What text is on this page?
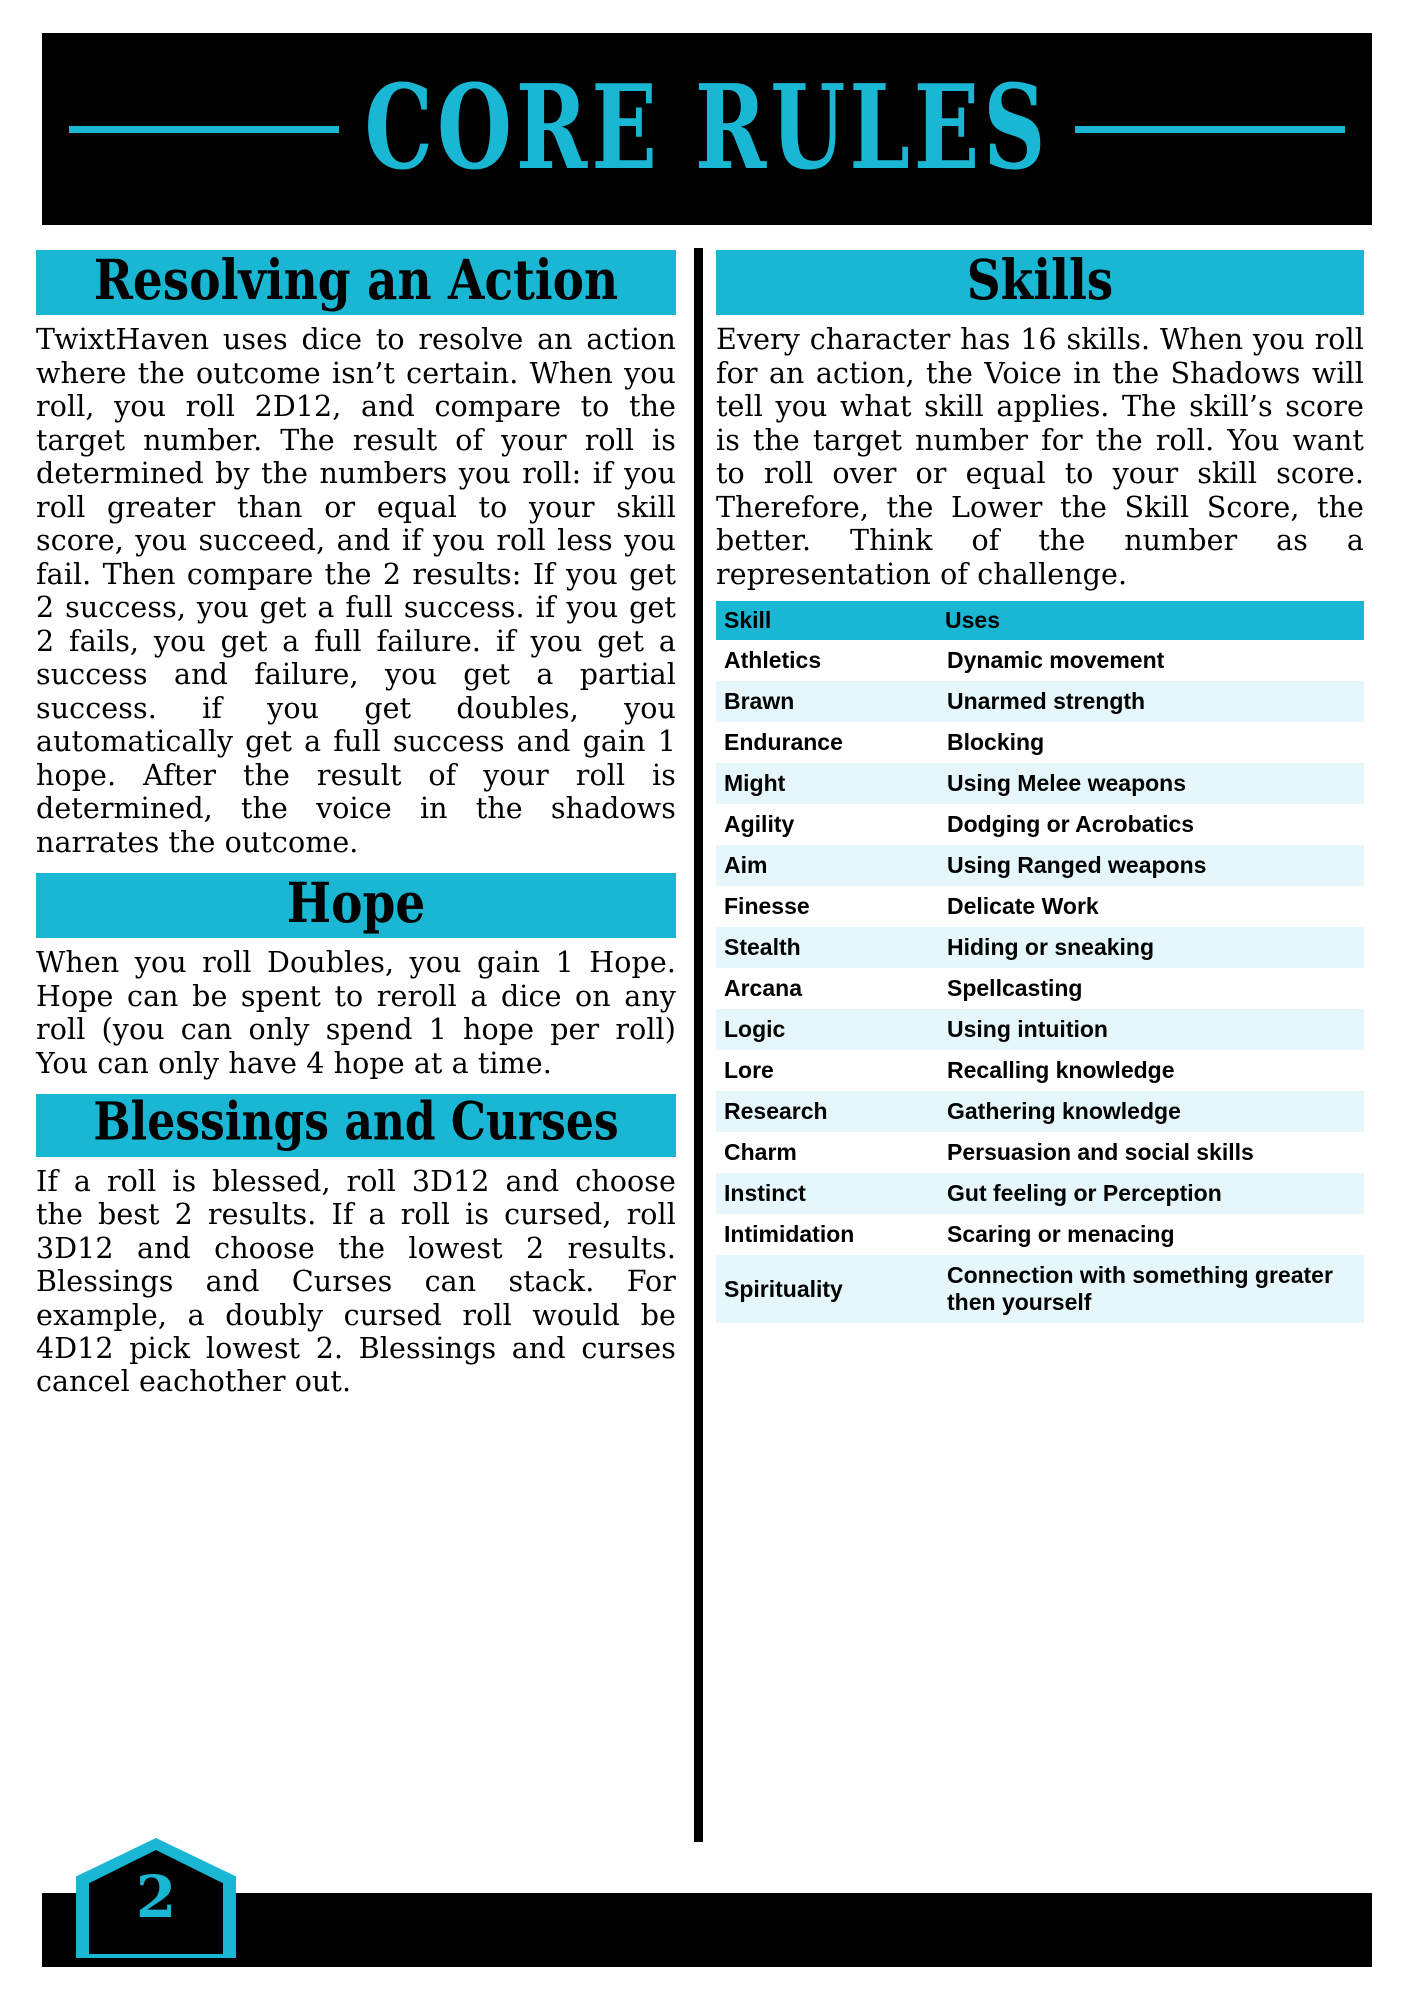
CORE RULES
Resolving an Action

TwixtHaven uses dice to resolve an action where the outcome isn’t certain. When you roll, you roll 2D12, and compare to the target number. The result of your roll is determined by the numbers you roll: if you roll greater than or equal to your skill score, you succeed, and if you roll less you fail. Then compare the 2 results: If you get 2 success, you get a full success. if you get 2 fails, you get a full failure. if you get a success and failure, you get a partial success. if you get doubles, you automatically get a full success and gain 1 hope. After the result of your roll is determined, the voice in the shadows narrates the outcome.

Hope

When you roll Doubles, you gain 1 Hope. Hope can be spent to reroll a dice on any roll (you can only spend 1 hope per roll) You can only have 4 hope at a time.

Blessings and Curses

If a roll is blessed, roll 3D12 and choose the best 2 results. If a roll is cursed, roll 3D12 and choose the lowest 2 results. Blessings and Curses can stack. For example, a doubly cursed roll would be 4D12 pick lowest 2. Blessings and curses cancel eachother out.

Skills

Every character has 16 skills. When you roll for an action, the Voice in the Shadows will tell you what skill applies. The skill’s score is the target number for the roll. You want to roll over or equal to your skill score. Therefore, the Lower the Skill Score, the better. Think of the number as a representation of challenge.

Skill	Uses
Athletics	Dynamic movement
Brawn	Unarmed strength
Endurance	Blocking
Might	Using Melee weapons
Agility	Dodging or Acrobatics
Aim	Using Ranged weapons
Finesse	Delicate Work
Stealth	Hiding or sneaking
Arcana	Spellcasting
Logic	Using intuition
Lore	Recalling knowledge
Research	Gathering knowledge
Charm	Persuasion and social skills
Instinct	Gut feeling or Perception
Intimidation	Scaring or menacing
Spirituality	Connection with something greater then yourself
2
